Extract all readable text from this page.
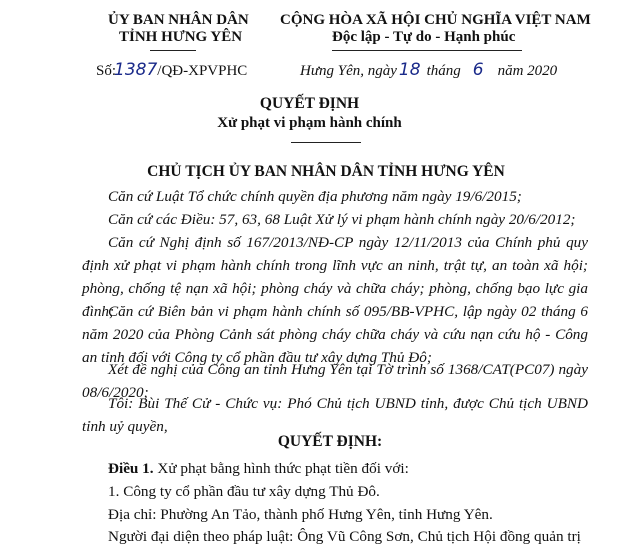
ỦY BAN NHÂN DÂN
TỈNH HƯNG YÊN
Số:1387/QĐ-XPVPHC
CỘNG HÒA XÃ HỘI CHỦ NGHĨA VIỆT NAM
Độc lập - Tự do - Hạnh phúc
Hưng Yên, ngày 18 tháng 6 năm 2020
QUYẾT ĐỊNH
Xử phạt vi phạm hành chính
CHỦ TỊCH ỦY BAN NHÂN DÂN TỈNH HƯNG YÊN
Căn cứ Luật Tổ chức chính quyền địa phương năm ngày 19/6/2015;
Căn cứ các Điều: 57, 63, 68 Luật Xử lý vi phạm hành chính ngày 20/6/2012;
Căn cứ Nghị định số 167/2013/NĐ-CP ngày 12/11/2013 của Chính phủ quy định xử phạt vi phạm hành chính trong lĩnh vực an ninh, trật tự, an toàn xã hội; phòng, chống tệ nạn xã hội; phòng cháy và chữa cháy; phòng, chống bạo lực gia đình;
Căn cứ Biên bản vi phạm hành chính số 095/BB-VPHC, lập ngày 02 tháng 6 năm 2020 của Phòng Cảnh sát phòng cháy chữa cháy và cứu nạn cứu hộ - Công an tỉnh đối với Công ty cổ phần đầu tư xây dựng Thủ Đô;
Xét đề nghị của Công an tỉnh Hưng Yên tại Tờ trình số 1368/CAT(PC07) ngày 08/6/2020;
Tôi: Bùi Thế Cử - Chức vụ: Phó Chủ tịch UBND tỉnh, được Chủ tịch UBND tỉnh uỷ quyền,
QUYẾT ĐỊNH:
Điều 1. Xử phạt bằng hình thức phạt tiền đối với:
1. Công ty cổ phần đầu tư xây dựng Thủ Đô.
Địa chỉ: Phường An Tảo, thành phố Hưng Yên, tỉnh Hưng Yên.
Người đại diện theo pháp luật: Ông Vũ Công Sơn, Chủ tịch Hội đồng quản trị
